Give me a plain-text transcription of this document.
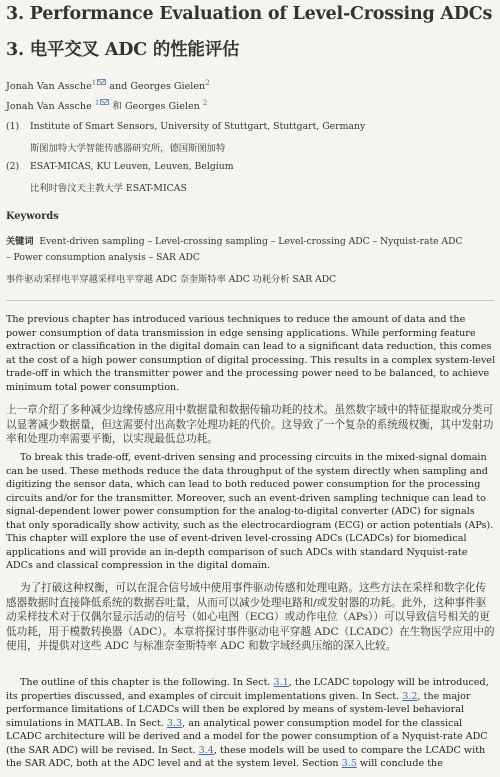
3. Performance Evaluation of Level-Crossing ADCs
3. 电平交叉 ADC 的性能评估
Jonah Van Assche$^1$ and Georges Gielen$^2$
Jonah Van Assche $^1$ 和 Georges Gielen $^2$
(1) Institute of Smart Sensors, University of Stuttgart, Stuttgart, Germany
斯图加特大学智能传感器研究所，德国斯图加特
(2) ESAT-MICAS, KU Leuven, Leuven, Belgium
比利时鲁汶天主教大学 ESAT-MICAS
Keywords
关键词 Event-driven sampling – Level-crossing sampling – Level-crossing ADC – Nyquist-rate ADC
– Power consumption analysis – SAR ADC
事件驱动采样电平穿越采样电平穿越 ADC 奈奎斯特率 ADC 功耗分析 SAR ADC
The previous chapter has introduced various techniques to reduce the amount of data and the power consumption of data transmission in edge sensing applications. While performing feature extraction or classification in the digital domain can lead to a significant data reduction, this comes at the cost of a high power consumption of digital processing. This results in a complex system-level trade-off in which the transmitter power and the processing power need to be balanced, to achieve minimum total power consumption.
上一章介绍了多种减少边缘传感应用中数据量和数据传输功耗的技术。虽然数字域中的特征提取或分类可以显著减少数据量，但这需要付出高数字处理功耗的代价。这导致了一个复杂的系统级权衡，其中发射功率和处理功率需要平衡，以实现最低总功耗。
To break this trade-off, event-driven sensing and processing circuits in the mixed-signal domain can be used. These methods reduce the data throughput of the system directly when sampling and digitizing the sensor data, which can lead to both reduced power consumption for the processing circuits and/or for the transmitter. Moreover, such an event-driven sampling technique can lead to signal-dependent lower power consumption for the analog-to-digital converter (ADC) for signals that only sporadically show activity, such as the electrocardiogram (ECG) or action potentials (APs). This chapter will explore the use of event-driven level-crossing ADCs (LCADCs) for biomedical applications and will provide an in-depth comparison of such ADCs with standard Nyquist-rate ADCs and classical compression in the digital domain.
为了打破这种权衡，可以在混合信号域中使用事件驱动传感和处理电路。这些方法在采样和数字化传感器数据时直接降低系统的数据吞吐量，从而可以减少处理电路和/或发射器的功耗。此外，这种事件驱动采样技术对于仅偶尔显示活动的信号（如心电图（ECG）或动作电位（APs））可以导致信号相关的更低功耗，用于模数转换器（ADC）。本章将探讨事件驱动电平穿越 ADC（LCADC）在生物医学应用中的使用，并提供对这些 ADC 与标准奈奎斯特率 ADC 和数字域经典压缩的深入比较。
The outline of this chapter is the following. In Sect. 3.1, the LCADC topology will be introduced, its properties discussed, and examples of circuit implementations given. In Sect. 3.2, the major performance limitations of LCADCs will then be explored by means of system-level behavioral simulations in MATLAB. In Sect. 3.3, an analytical power consumption model for the classical LCADC architecture will be derived and a model for the power consumption of a Nyquist-rate ADC (the SAR ADC) will be revised. In Sect. 3.4, these models will be used to compare the LCADC with the SAR ADC, both at the ADC level and at the system level. Section 3.5 will conclude the
